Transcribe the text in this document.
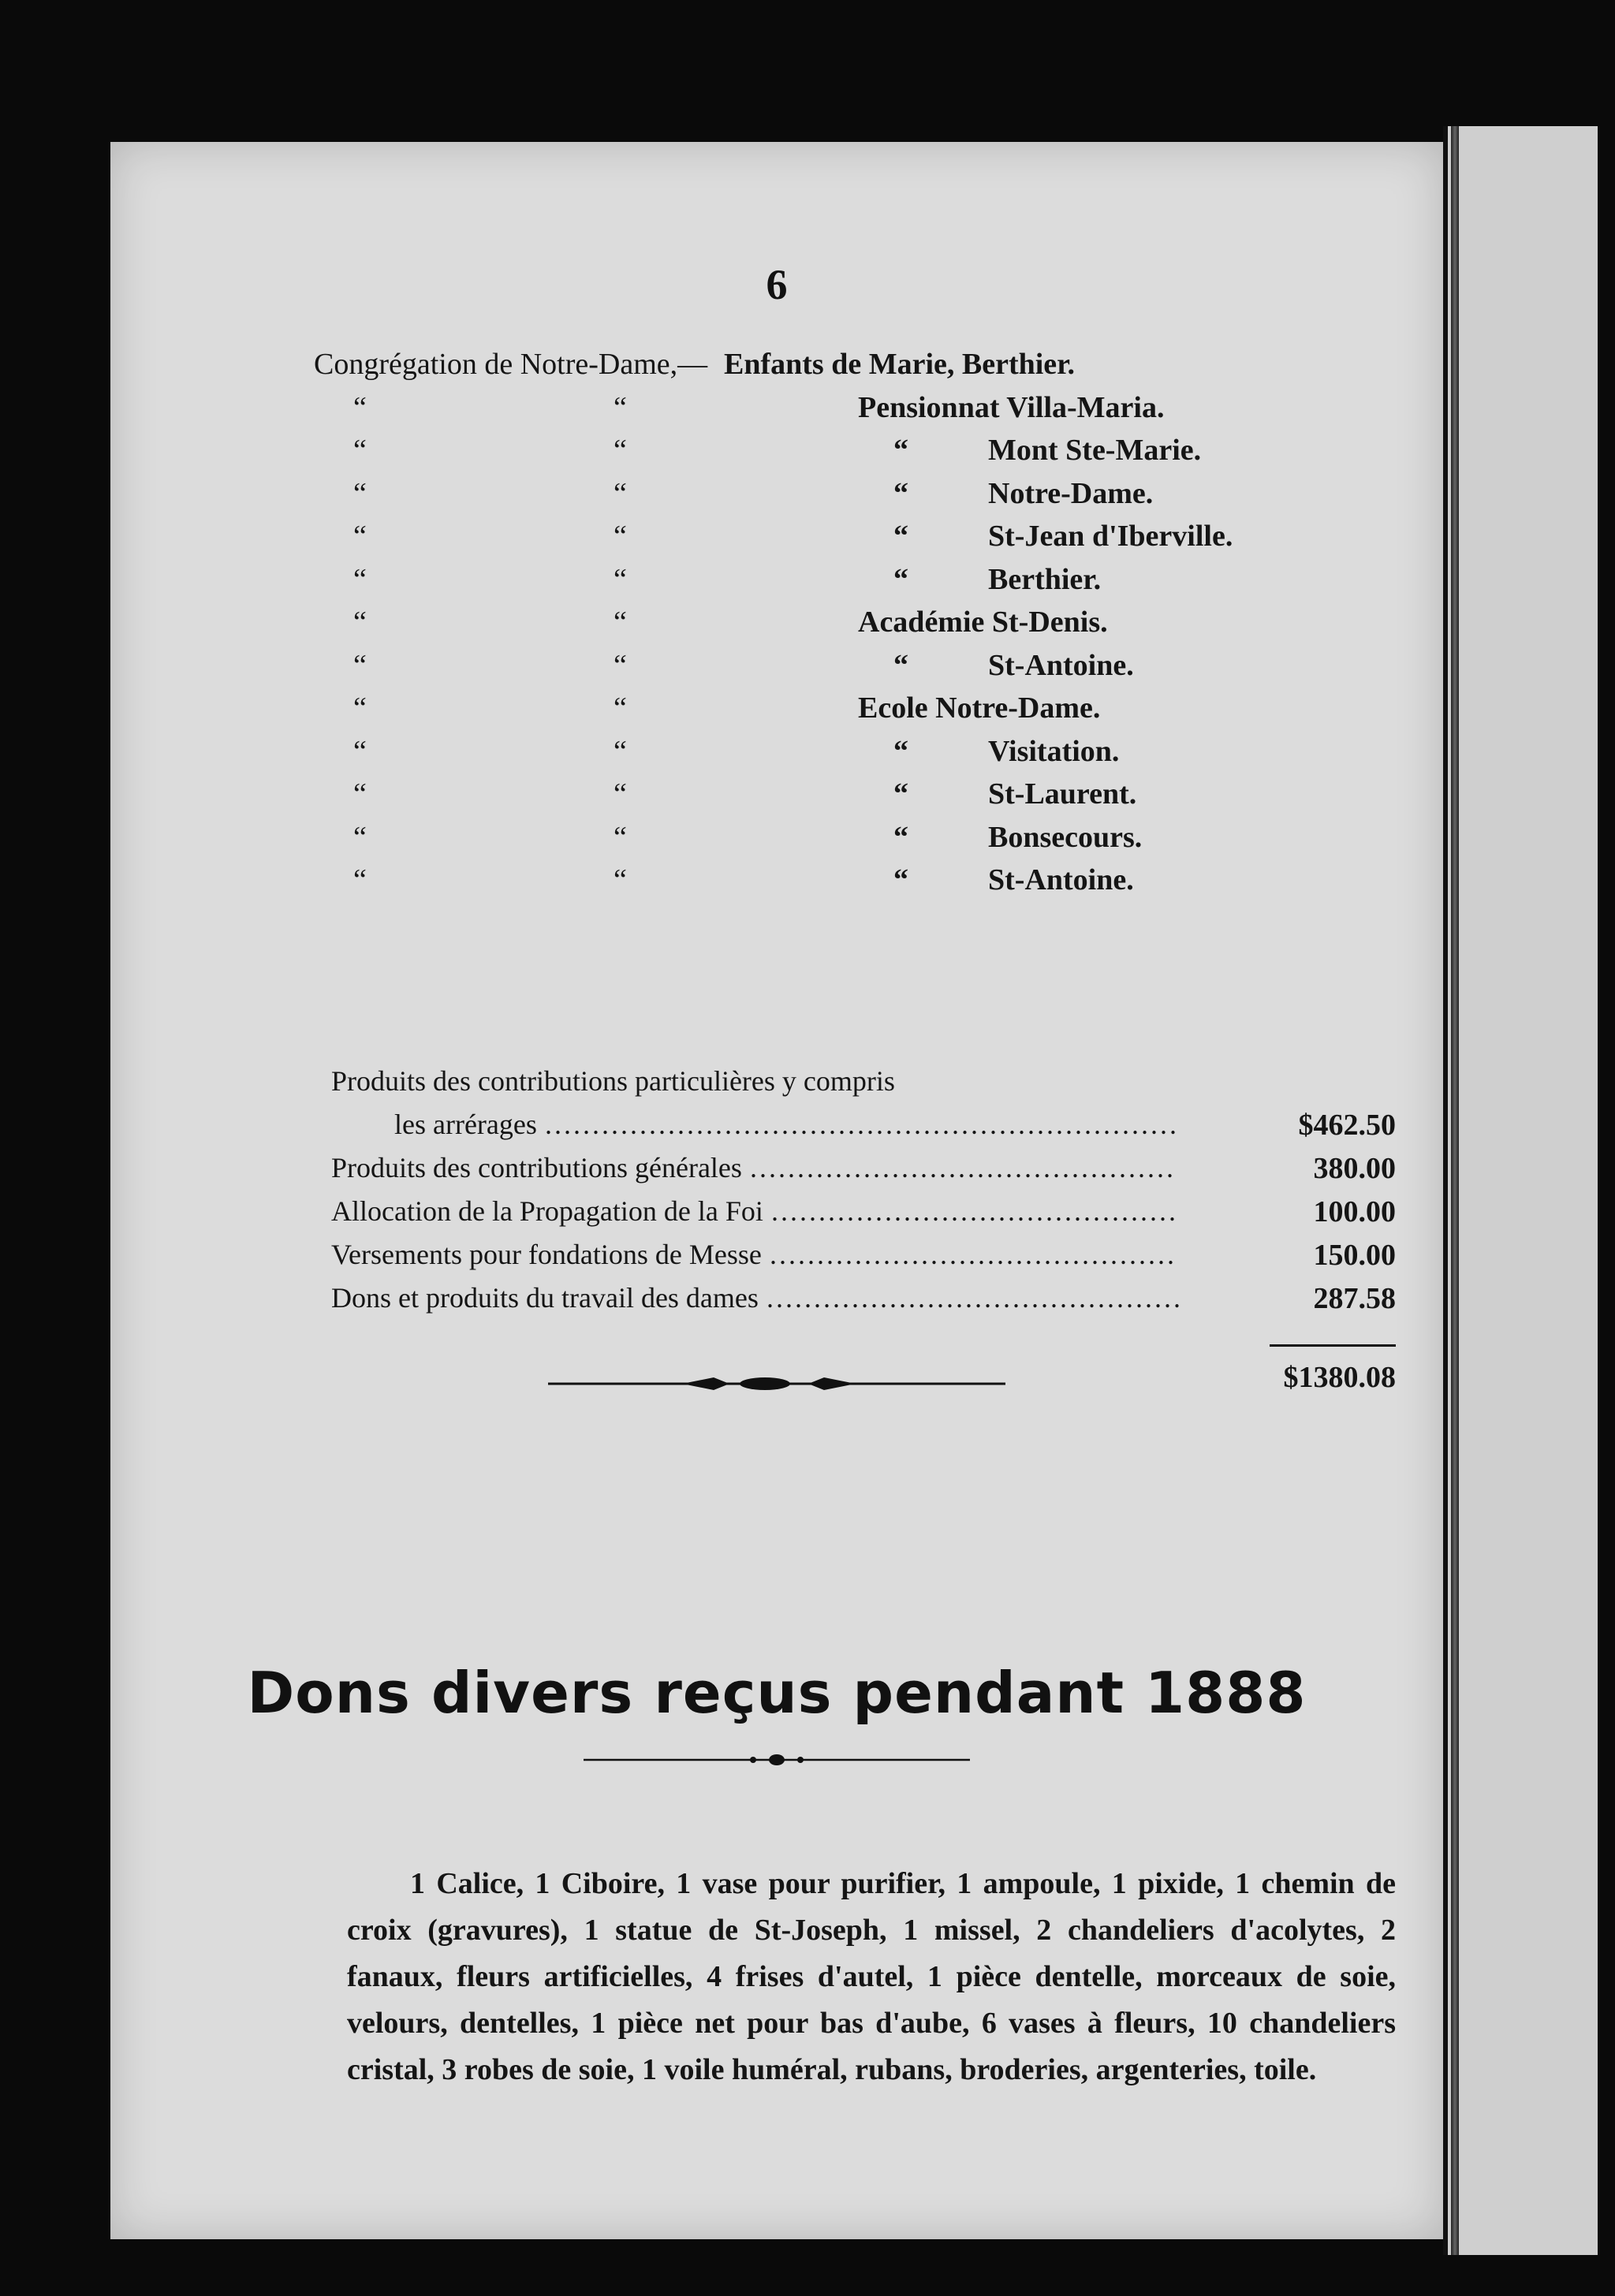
6
Congrégation de Notre-Dame,— Enfants de Marie, Berthier.
“	“	Pensionnat Villa-Maria.
“	“	“	Mont Ste-Marie.
“	“	“	Notre-Dame.
“	“	“	St-Jean d'Iberville.
“	“	“	Berthier.
“	“	Académie St-Denis.
“	“	“	St-Antoine.
“	“	Ecole Notre-Dame.
“	“	“	Visitation.
“	“	“	St-Laurent.
“	“	“	Bonsecours.
“	“	“	St-Antoine.
Produits des contributions particulières y compris
les arrérages ...................................................................	$462.50
Produits des contributions générales .............................................	380.00
Allocation de la Propagation de la Foi ...........................................	100.00
Versements pour fondations de Messe ...........................................	150.00
Dons et produits du travail des dames ............................................	287.58
$1380.08
Dons divers reçus pendant 1888
1 Calice, 1 Ciboire, 1 vase pour purifier, 1 ampoule, 1 pixide, 1 chemin de croix (gravures), 1 statue de St-Joseph, 1 missel, 2 chandeliers d'acolytes, 2 fanaux, fleurs artificielles, 4 frises d'autel, 1 pièce dentelle, morceaux de soie, velours, dentelles, 1 pièce net pour bas d'aube, 6 vases à fleurs, 10 chandeliers cristal, 3 robes de soie, 1 voile huméral, rubans, broderies, argenteries, toile.
